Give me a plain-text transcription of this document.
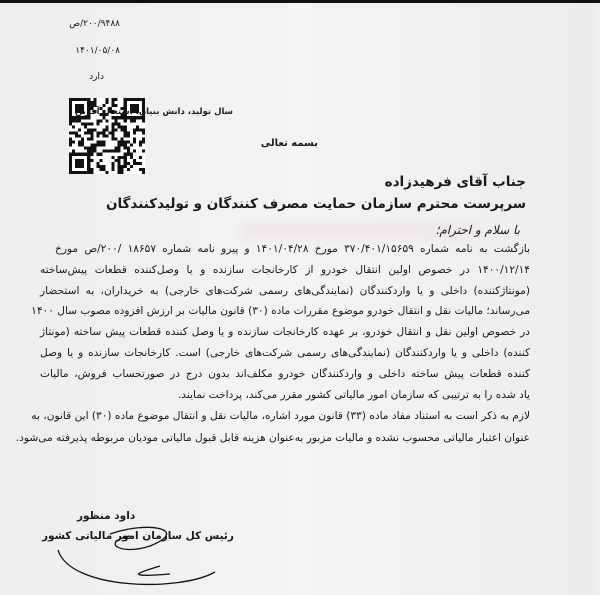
۲۰۰/۹۴۸۸/ص
۱۴۰۱/۰۵/۰۸
دارد
سال تولید، دانش بنیان، اشتغال آفرین
بسمه تعالی
جناب آقای فرهیدزاده
سرپرست محترم سازمان حمایت مصرف کنندگان و تولیدکنندگان
با سلام و احترام؛
بازگشت به نامه شماره ۳۷۰/۴۰۱/۱۵۶۵۹ مورخ ۱۴۰۱/۰۴/۲۸ و پیرو نامه شماره ۱۸۶۵۷ /۲۰۰/ص مورخ
۱۴۰۰/۱۲/۱۴ در خصوص اولین انتقال خودرو از کارخانجات سازنده و یا وصل‌کننده قطعات پیش‌ساخته
(مونتاژکننده) داخلی و یا واردکنندگان (نمایندگی‌های رسمی شرکت‌های خارجی) به خریداران، به استحضار
می‌رساند؛ مالیات نقل و انتقال خودرو موضوع مقررات ماده (۳۰) قانون مالیات بر ارزش افزوده مصوب سال ۱۴۰۰
در خصوص اولین نقل و انتقال خودرو، بر عهده کارخانجات سازنده و یا وصل کننده قطعات پیش ساخته (مونتاژ
کننده) داخلی و یا واردکنندگان (نمایندگی‌های رسمی شرکت‌های خارجی) است. کارخانجات سازنده و یا وصل
کننده قطعات پیش ساخته داخلی و واردکنندگان خودرو مکلف‌اند بدون درج در صورتحساب فروش، مالیات
یاد شده را به ترتیبی که سازمان امور مالیاتی کشور مقرر می‌کند، پرداخت نمایند.
لازم به ذکر است به استناد مفاد ماده (۳۳) قانون مورد اشاره، مالیات نقل و انتقال موضوع ماده (۳۰) این قانون، به
عنوان اعتبار مالیاتی محسوب نشده و مالیات مزبور به‌عنوان هزینه قابل قبول مالیاتی مودیان مربوطه پذیرفته می‌شود.
داود منظور
رئیس کل سازمان امور مالیاتی کشور
